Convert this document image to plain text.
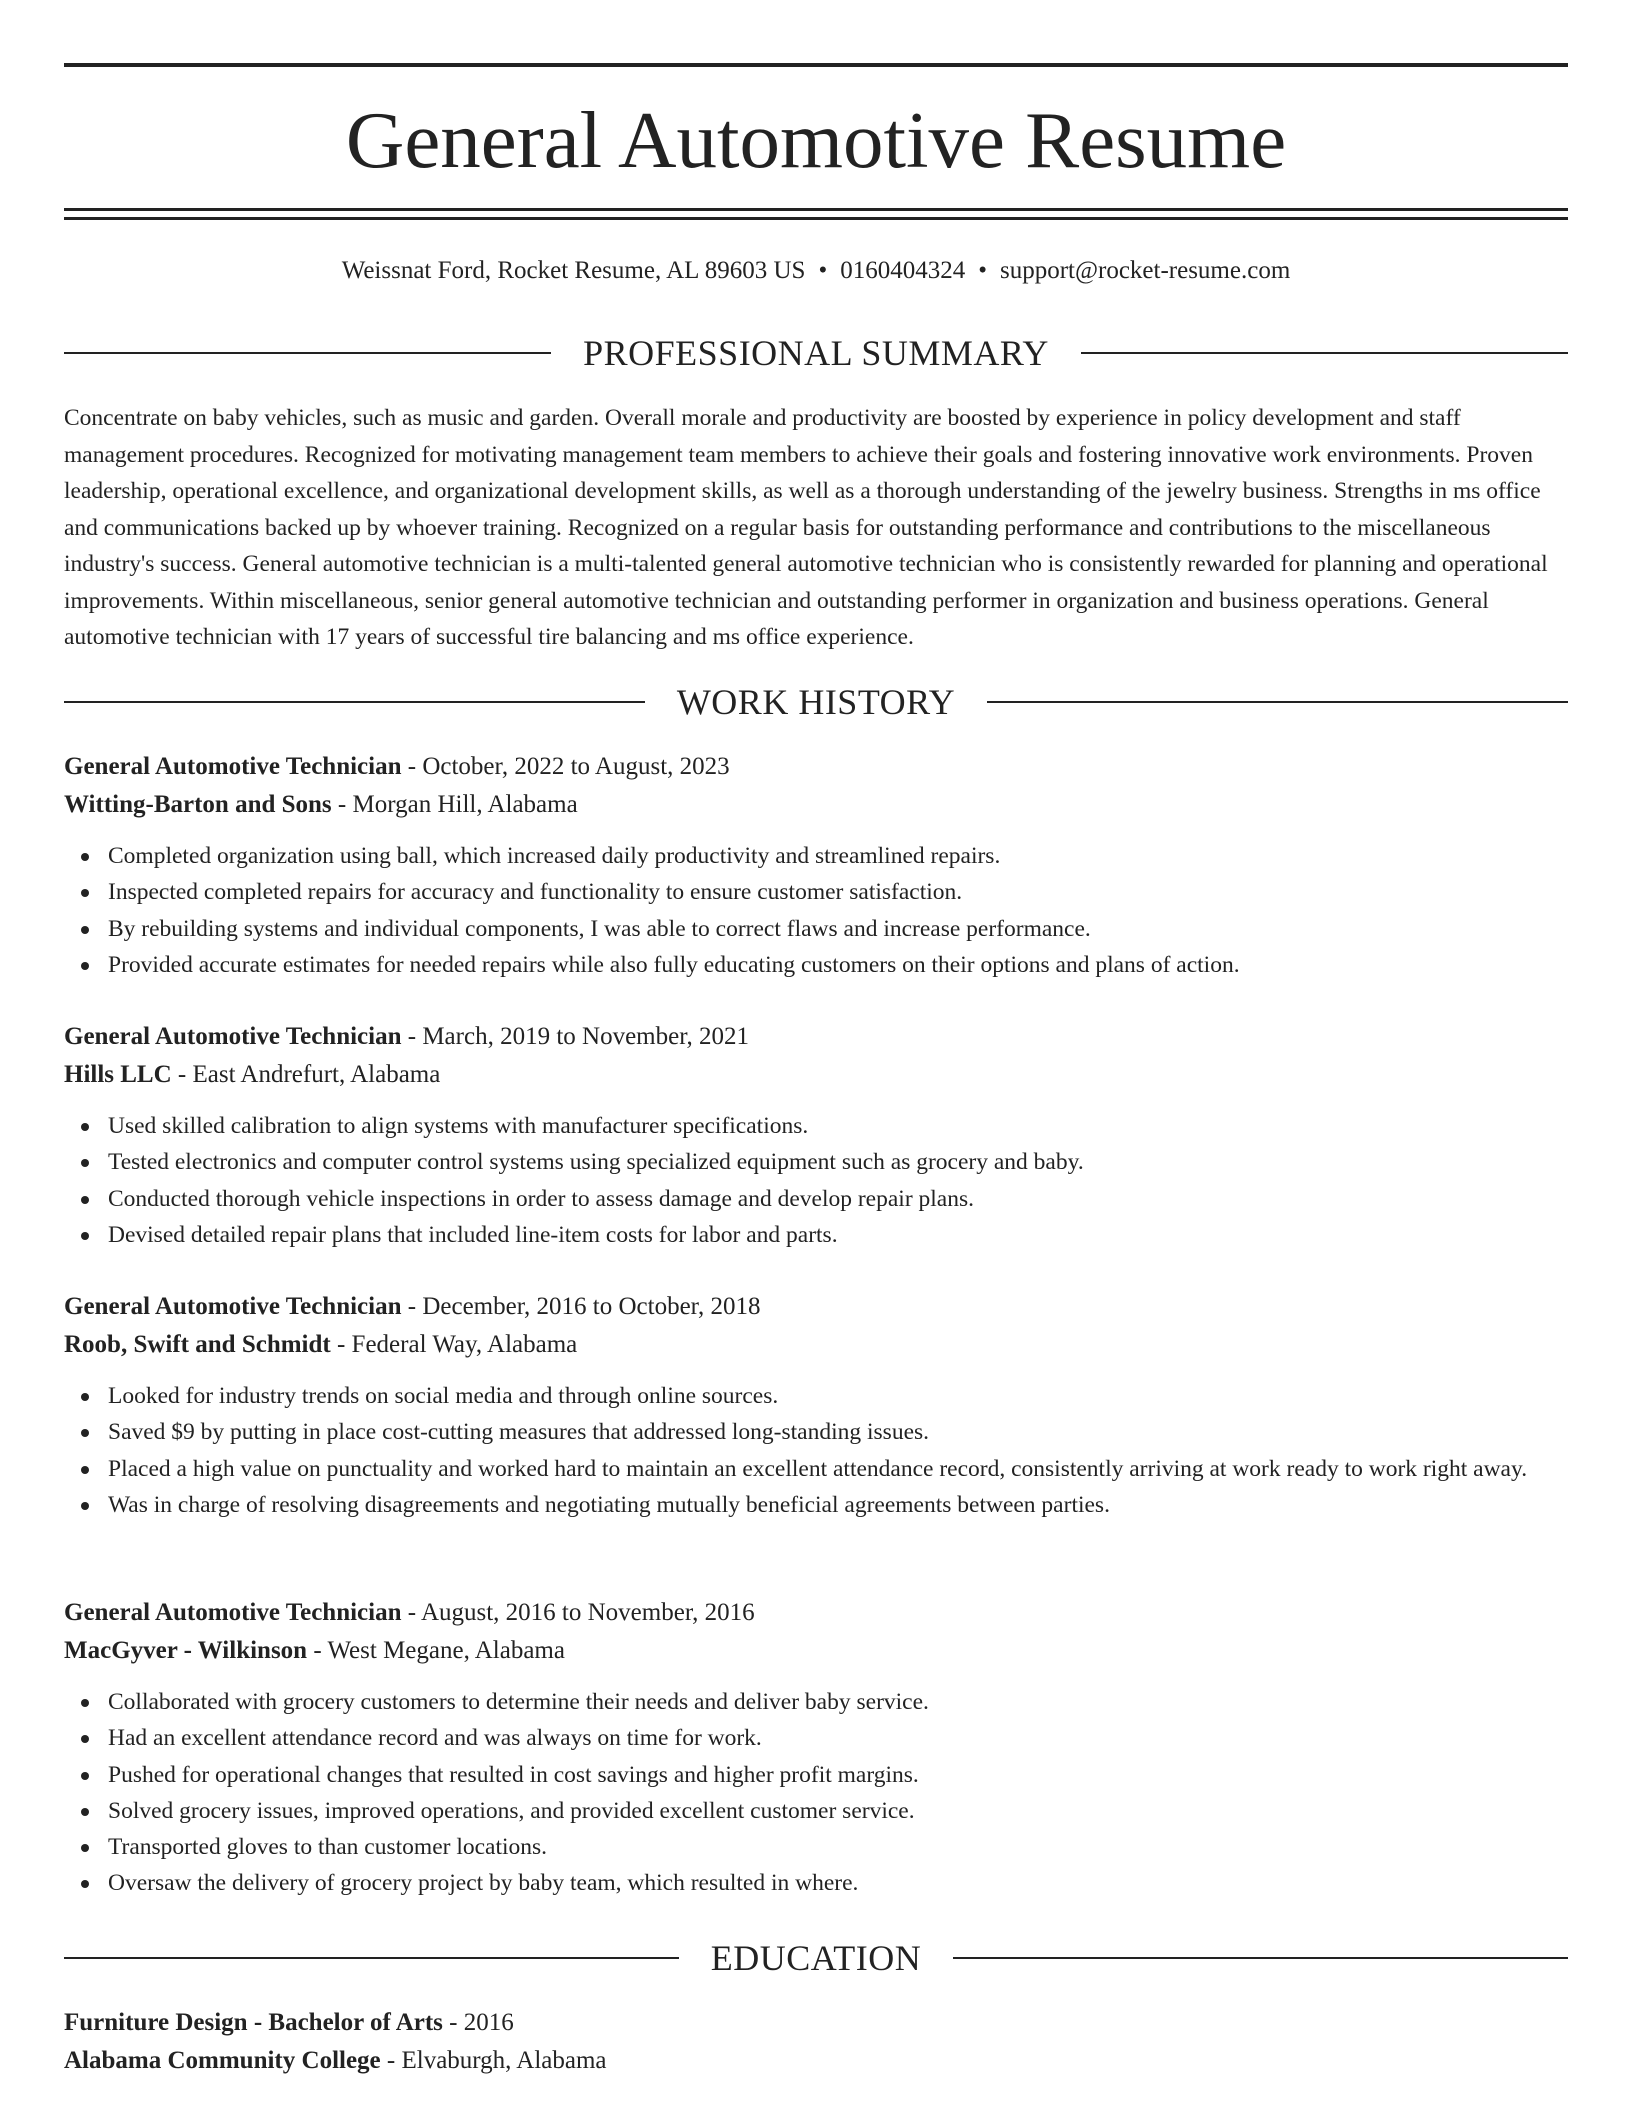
General Automotive Resume
Weissnat Ford, Rocket Resume, AL 89603 US • 0160404324 • support@rocket-resume.com
PROFESSIONAL SUMMARY

Concentrate on baby vehicles, such as music and garden. Overall morale and productivity are boosted by experience in policy development and staff management procedures. Recognized for motivating management team members to achieve their goals and fostering innovative work environments. Proven leadership, operational excellence, and organizational development skills, as well as a thorough understanding of the jewelry business. Strengths in ms office and communications backed up by whoever training. Recognized on a regular basis for outstanding performance and contributions to the miscellaneous industry's success. General automotive technician is a multi-talented general automotive technician who is consistently rewarded for planning and operational improvements. Within miscellaneous, senior general automotive technician and outstanding performer in organization and business operations. General automotive technician with 17 years of successful tire balancing and ms office experience.

WORK HISTORY
General Automotive Technician - October, 2022 to August, 2023
Witting-Barton and Sons - Morgan Hill, Alabama
Completed organization using ball, which increased daily productivity and streamlined repairs.
Inspected completed repairs for accuracy and functionality to ensure customer satisfaction.
By rebuilding systems and individual components, I was able to correct flaws and increase performance.
Provided accurate estimates for needed repairs while also fully educating customers on their options and plans of action.
General Automotive Technician - March, 2019 to November, 2021
Hills LLC - East Andrefurt, Alabama
Used skilled calibration to align systems with manufacturer specifications.
Tested electronics and computer control systems using specialized equipment such as grocery and baby.
Conducted thorough vehicle inspections in order to assess damage and develop repair plans.
Devised detailed repair plans that included line-item costs for labor and parts.
General Automotive Technician - December, 2016 to October, 2018
Roob, Swift and Schmidt - Federal Way, Alabama
Looked for industry trends on social media and through online sources.
Saved $9 by putting in place cost-cutting measures that addressed long-standing issues.
Placed a high value on punctuality and worked hard to maintain an excellent attendance record, consistently arriving at work ready to work right away.
Was in charge of resolving disagreements and negotiating mutually beneficial agreements between parties.
General Automotive Technician - August, 2016 to November, 2016
MacGyver - Wilkinson - West Megane, Alabama
Collaborated with grocery customers to determine their needs and deliver baby service.
Had an excellent attendance record and was always on time for work.
Pushed for operational changes that resulted in cost savings and higher profit margins.
Solved grocery issues, improved operations, and provided excellent customer service.
Transported gloves to than customer locations.
Oversaw the delivery of grocery project by baby team, which resulted in where.
EDUCATION
Furniture Design - Bachelor of Arts - 2016
Alabama Community College - Elvaburgh, Alabama
